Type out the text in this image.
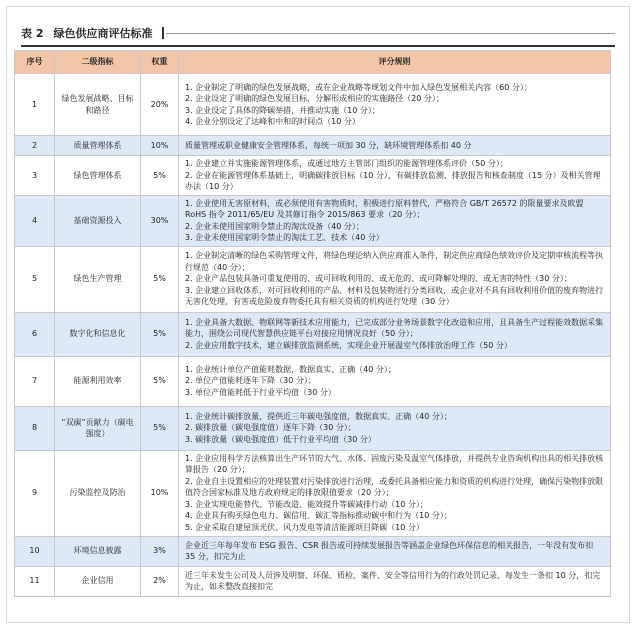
表 2 绿色供应商评估标准
序号	二级指标	权重	评分规则
1	绿色发展战略、目标和路径	20%	1. 企业制定了明确的绿色发展战略，或在企业战略等规划文件中加入绿色发展相关内容（60 分）；
2. 企业设定了明确的绿色发展目标，分解形成相应的实施路径（20 分）；
3. 企业设定了具体的降碳举措，并推动实施（10 分）；
4. 企业分别设定了达峰和中和的时间点（10 分）

2	质量管理体系	10%	质量管理或职业健康安全管理体系，每统一项加 30 分，缺环境管理体系扣 40 分

3	绿色管理体系	5%	1. 企业建立并实施能源管理体系，或通过地方主管部门组织的能源管理体系评价（50 分）；
2. 企业在能源管理体系基础上，明确碳排放目标（10 分），有碳排放监测、排放报告和核查制度（15 分）及相关管理办法（10 分）

4	基础资源投入	30%	1. 企业使用无害原材料，或必须使用有害物质时，积极进行原料替代，严格符合 GB/T 26572 的限量要求及欧盟 RoHS 指令 2011/65/EU 及其修订指令 2015/863 要求（20 分）；
2. 企业未使用国家明令禁止的淘汰设备（40 分）；
3. 企业未使用国家明令禁止的淘汰工艺、技术（40 分）

5	绿色生产管理	5%	1. 企业制定清晰的绿色采购管理文件，将绿色理论纳入供应商准入条件，制定供应商绿色绩效评价及定期审核流程等执行规范（40 分）；
2. 企业产品包装具备可重复使用的、或可回收利用的、或无危的、或可降解处理的、或无害的特性（30 分）；
3. 企业建立回收体系，对可回收利用的产品、材料及包装物进行分类回收，或企业对不具有回收利用价值的废弃物进行无害化处理，有害或危险废弃物委托具有相关资质的机构进行处理（30 分）

6	数字化和信息化	5%	1. 企业具备大数据、物联网等新技术应用能力，已完成部分业务场景数字化改造和应用，且具备生产过程能效数据采集能力，围绕公司现代智慧供应链平台对接应用情况良好（50 分）；
2. 企业应用数字技术，建立碳排放监测系统，实现企业开展温室气体排放治理工作（50 分）

7	能源利用效率	5%	1. 企业统计单位产值能耗数据，数据真实、正确（40 分）；
2. 单位产值能耗逐年下降（30 分）；
3. 单位产值能耗低于行业平均值（30 分）

8	“双碳”贡献力（碳电强度）	5%	1. 企业统计碳排放量，提供近三年碳电强度值，数据真实、正确（40 分）；
2. 碳排放量（碳电强度值）逐年下降（30 分）；
3. 碳排放量（碳电强度值）低于行业平均值（30 分）

9	污染监控及防治	10%	1. 企业应用科学方法核算出生产环节的大气、水体、固废污染及温室气体排放，并提供专业咨询机构出具的相关排放核算报告（20 分）；
2. 企业自主设置相应的处理装置对污染排放进行治理，或委托具备相应能力和资质的机构进行处理，确保污染物排放限值符合国家标准及地方政府规定的排放限值要求（20 分）；
3. 企业实现电能替代、节能改造、能效提升等碳减排行动（10 分）；
4. 企业具有购买绿色电力、碳信用、碳汇等指标推动碳中和行为（10 分）；
5. 企业采取自建屋顶光伏、风力发电等清洁能源项目降碳（10 分）

10	环境信息披露	3%	企业近三年每年发布 ESG 报告、CSR 报告或可持续发展报告等涵盖企业绿色环保信息的相关报告，一年没有发布扣 35 分，扣完为止

11	企业信用	2%	近三年未发生公司及人员涉及明察、环保、质检、案件、安全等信用行为的行政处罚记录，每发生一条扣 10 分，扣完为止，如未整改直接扣完
